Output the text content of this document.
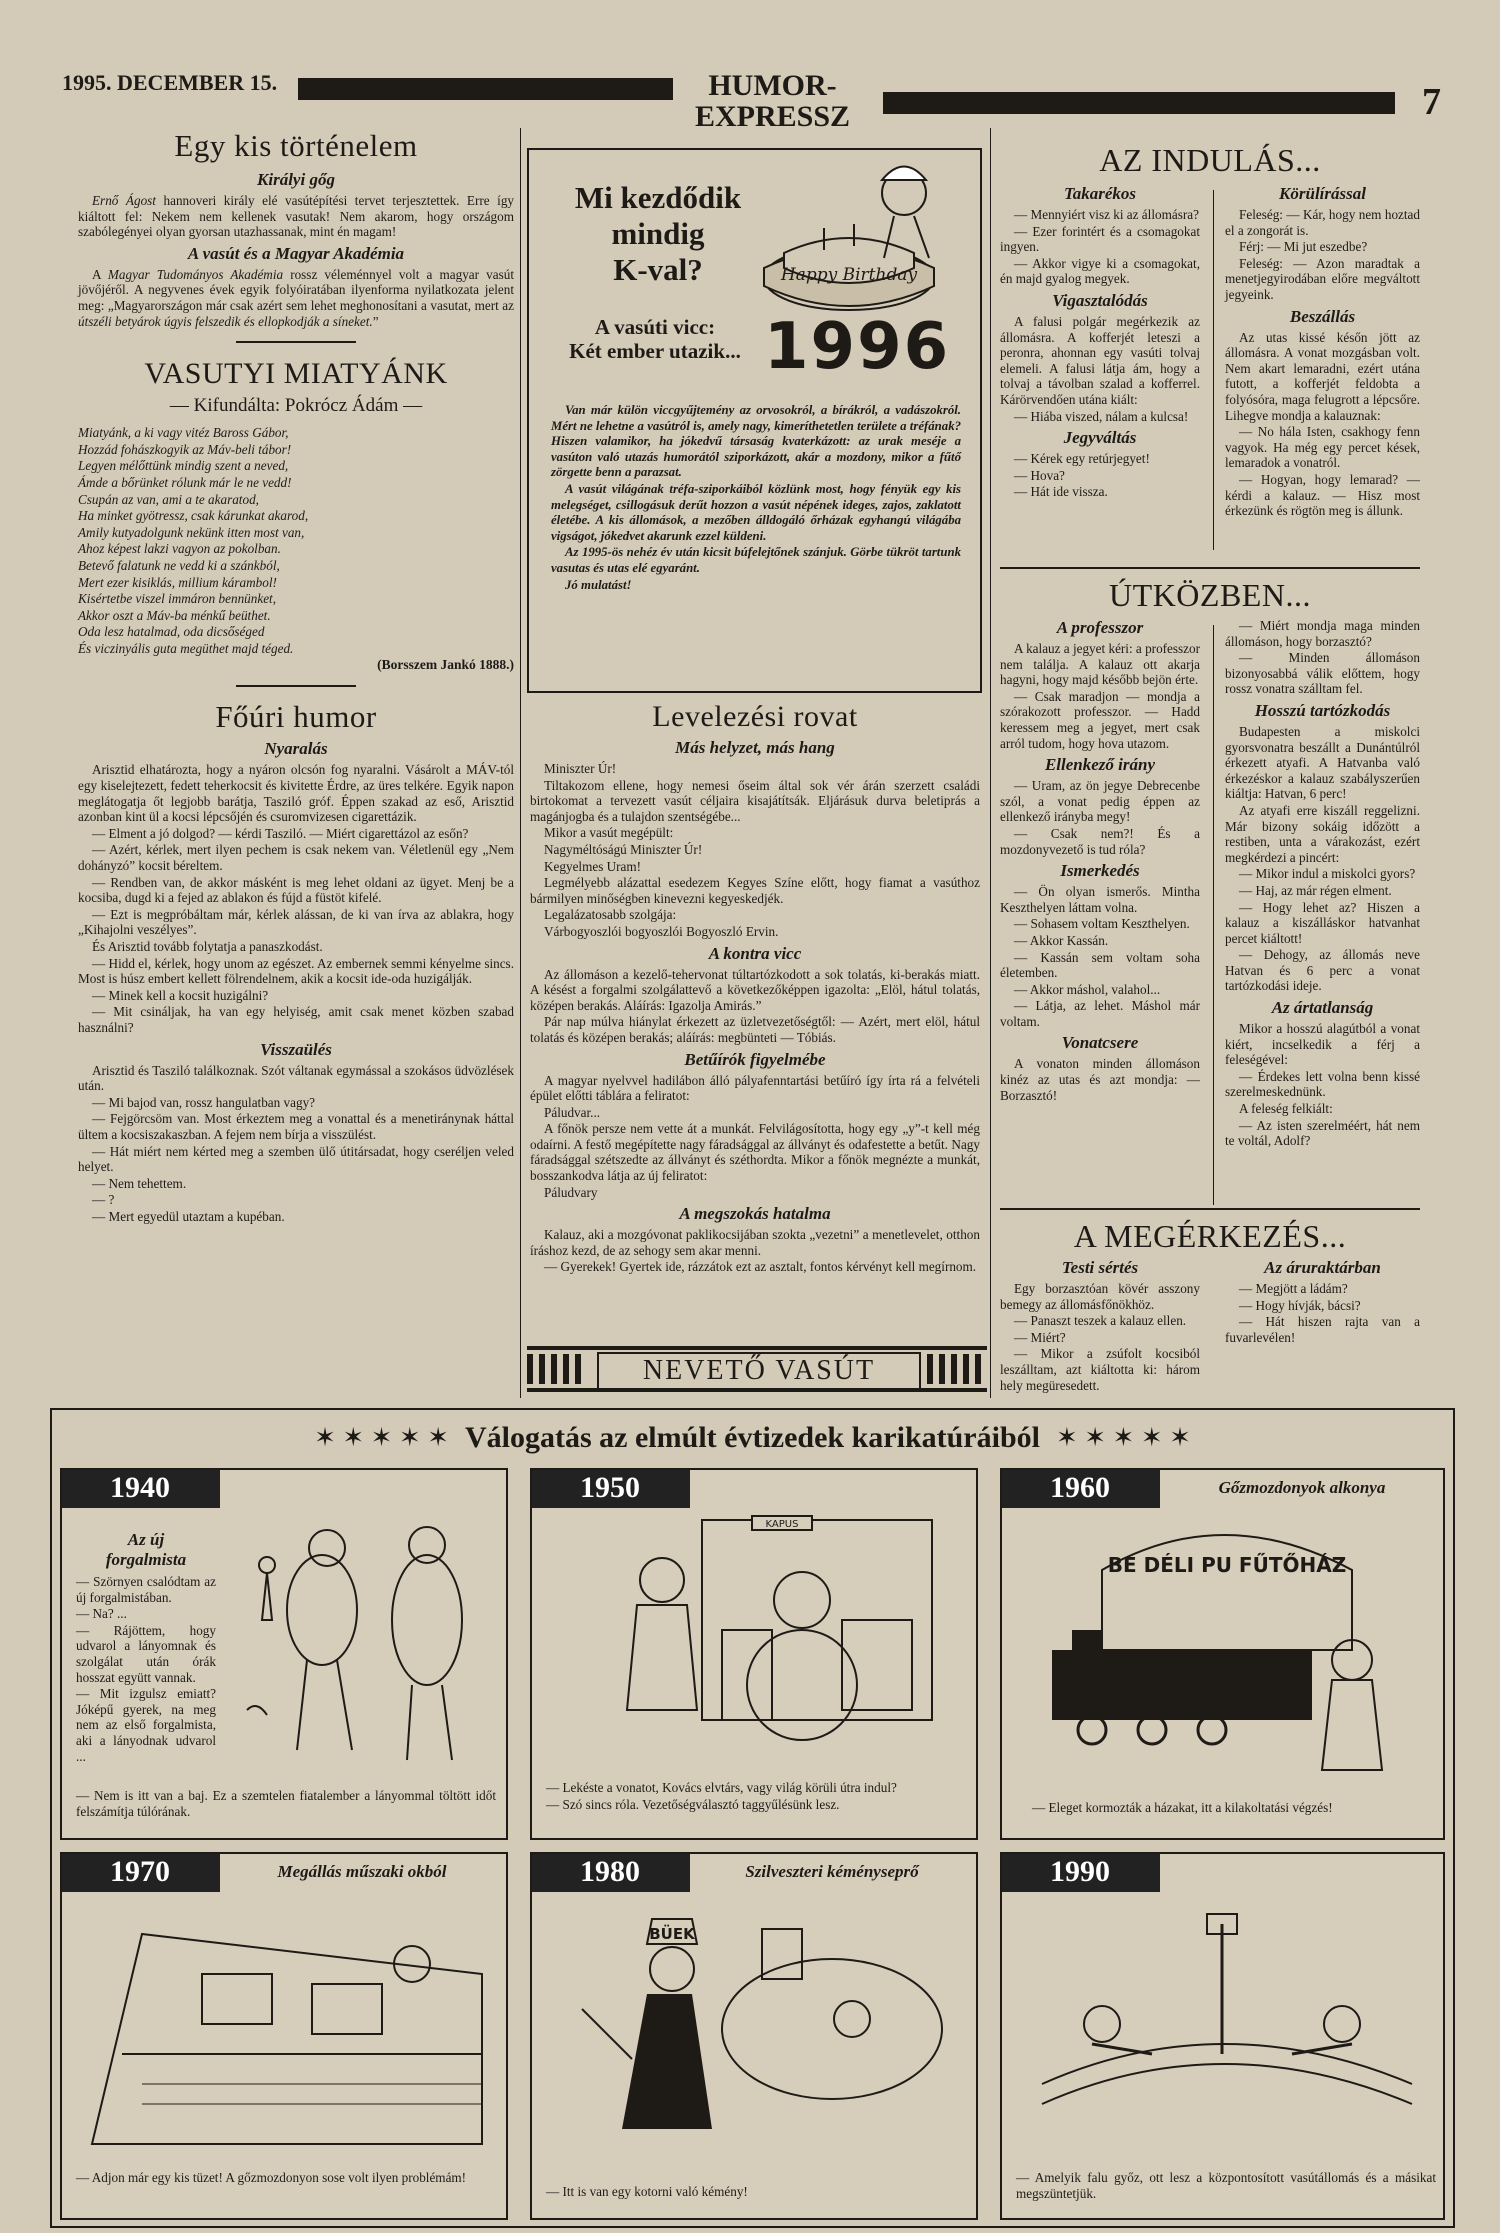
1995. DECEMBER 15.	HUMOR-
EXPRESSZ	7
Egy kis történelem
Királyi gőg

Ernő Ágost hannoveri király elé vasútépítési tervet terjesztettek. Erre így kiáltott fel: Nekem nem kellenek vasutak! Nem akarom, hogy országom szabólegényei olyan gyorsan utazhassanak, mint én magam!

A vasút és a Magyar Akadémia

A Magyar Tudományos Akadémia rossz véleménnyel volt a magyar vasút jövőjéről. A negyvenes évek egyik folyóiratában ilyenforma nyilatkozata jelent meg: „Magyarországon már csak azért sem lehet meghonosítani a vasutat, mert az útszéli betyárok úgyis felszedik és ellopkodják a síneket.”

VASUTYI MIATYÁNK
— Kifundálta: Pokrócz Ádám —

Miatyánk, a ki vagy vitéz Baross Gábor,

Hozzád fohászkogyik az Máv-beli tábor!

Legyen mélőttünk mindig szent a neved,

Ámde a bőrünket rólunk már le ne vedd!

Csupán az van, ami a te akaratod,

Ha minket gyötressz, csak kárunkat akarod,

Amily kutyadolgunk nekünk itten most van,

Ahoz képest lakzi vagyon az pokolban.

Betevő falatunk ne vedd ki a szánkból,

Mert ezer kisiklás, millium kárambol!

Kisértetbe viszel immáron bennünket,

Akkor oszt a Máv-ba ménkű beüthet.

Oda lesz hatalmad, oda dicsőséged

És viczinyális guta megüthet majd téged.

(Borsszem Jankó 1888.)
Főúri humor
Nyaralás

Arisztid elhatározta, hogy a nyáron olcsón fog nyaralni. Vásárolt a MÁV-tól egy kiselejtezett, fedett teherkocsit és kivitette Érdre, az üres telkére. Egyik napon meglátogatja őt legjobb barátja, Tasziló gróf. Éppen szakad az eső, Arisztid azonban kint ül a kocsi lépcsőjén és csuromvizesen cigarettázik.

— Elment a jó dolgod? — kérdi Tasziló. — Miért cigarettázol az esőn?

— Azért, kérlek, mert ilyen pechem is csak nekem van. Véletlenül egy „Nem dohányzó” kocsit béreltem.

— Rendben van, de akkor másként is meg lehet oldani az ügyet. Menj be a kocsiba, dugd ki a fejed az ablakon és fújd a füstöt kifelé.

— Ezt is megpróbáltam már, kérlek alássan, de ki van írva az ablakra, hogy „Kihajolni veszélyes”.

És Arisztid tovább folytatja a panaszkodást.

— Hidd el, kérlek, hogy unom az egészet. Az embernek semmi kényelme sincs. Most is húsz embert kellett fölrendelnem, akik a kocsit ide-oda huzigálják.

— Minek kell a kocsit huzigálni?

— Mit csináljak, ha van egy helyiség, amit csak menet közben szabad használni?

Visszaülés

Arisztid és Tasziló találkoznak. Szót váltanak egymással a szokásos üdvözlések után.

— Mi bajod van, rossz hangulatban vagy?

— Fejgörcsöm van. Most érkeztem meg a vonattal és a menetiránynak háttal ültem a kocsiszakaszban. A fejem nem bírja a visszülést.

— Hát miért nem kérted meg a szemben ülő útitársadat, hogy cseréljen veled helyet.

— Nem tehettem.

— ?

— Mert egyedül utaztam a kupéban.

Mi kezdődik
mindig
K-val?	Happy Birthday
A vasúti vicc:
Két ember utazik... 1996

Van már külön viccgyűjtemény az orvosokról, a bírákról, a vadászokról. Mért ne lehetne a vasútról is, amely nagy, kimeríthetetlen területe a tréfának? Hiszen valamikor, ha jókedvű társaság kvaterkázott: az urak meséje a vasúton való utazás humorától sziporkázott, akár a mozdony, mikor a fűtő zörgette benn a parazsat.

A vasút világának tréfa-sziporkáiból közlünk most, hogy fényük egy kis melegséget, csillogásuk derűt hozzon a vasút népének ideges, zajos, zaklatott életébe. A kis állomások, a mezőben álldogáló őrházak egyhangú világába vigságot, jókedvet akarunk ezzel küldeni.

Az 1995-ös nehéz év után kicsit búfelejtőnek szánjuk. Görbe tükröt tartunk vasutas és utas elé egyaránt.

Jó mulatást!

Levelezési rovat
Más helyzet, más hang

Miniszter Úr!

Tiltakozom ellene, hogy nemesi őseim által sok vér árán szerzett családi birtokomat a tervezett vasút céljaira kisajátítsák. Eljárásuk durva beletiprás a magánjogba és a tulajdon szentségébe...

Mikor a vasút megépült:

Nagyméltóságú Miniszter Úr!

Kegyelmes Uram!

Legmélyebb alázattal esedezem Kegyes Színe előtt, hogy fiamat a vasúthoz bármilyen minőségben kinevezni kegyeskedjék.

Legalázatosabb szolgája:

Várbogyoszlói bogyoszlói Bogyoszló Ervin.

A kontra vicc

Az állomáson a kezelő-tehervonat túltartózkodott a sok tolatás, ki-berakás miatt. A késést a forgalmi szolgálattevő a következőképpen igazolta: „Elöl, hátul tolatás, középen berakás. Aláírás: Igazolja Amirás.”

Pár nap múlva hiánylat érkezett az üzletvezetőségtől: — Azért, mert elöl, hátul tolatás és középen berakás; aláírás: megbünteti — Tóbiás.

Betűírók figyelmébe

A magyar nyelvvel hadilábon álló pályafenntartási betűíró így írta rá a felvételi épület előtti táblára a feliratot:

Páludvar...

A főnök persze nem vette át a munkát. Felvilágosította, hogy egy „y”-t kell még odaírni. A festő megépítette nagy fáradsággal az állványt és odafestette a betűt. Nagy fáradsággal szétszedte az állványt és széthordta. Mikor a főnök megnézte a munkát, bosszankodva látja az új feliratot:

Páludvary

A megszokás hatalma

Kalauz, aki a mozgóvonat paklikocsijában szokta „vezetni” a menetlevelet, otthon íráshoz kezd, de az sehogy sem akar menni.

— Gyerekek! Gyertek ide, rázzátok ezt az asztalt, fontos kérvényt kell megírnom.

NEVETŐ VASÚT
AZ INDULÁS...
Takarékos

— Mennyiért visz ki az állomásra?

— Ezer forintért és a csomagokat ingyen.

— Akkor vigye ki a csomagokat, én majd gyalog megyek.

Vigasztalódás

A falusi polgár megérkezik az állomásra. A kofferjét leteszi a peronra, ahonnan egy vasúti tolvaj elemeli. A falusi látja ám, hogy a tolvaj a távolban szalad a kofferrel. Kárörvendően utána kiált:

— Hiába viszed, nálam a kulcsa!

Jegyváltás

— Kérek egy retúrjegyet!

— Hova?

— Hát ide vissza.

Körülírással

Feleség: — Kár, hogy nem hoztad el a zongorát is.

Férj: — Mi jut eszedbe?

Feleség: — Azon maradtak a menetjegyirodában előre megváltott jegyeink.

Beszállás

Az utas kissé későn jött az állomásra. A vonat mozgásban volt. Nem akart lemaradni, ezért utána futott, a kofferjét feldobta a folyósóra, maga felugrott a lépcsőre. Lihegve mondja a kalauznak:

— No hála Isten, csakhogy fenn vagyok. Ha még egy percet kések, lemaradok a vonatról.

— Hogyan, hogy lemarad? — kérdi a kalauz. — Hisz most érkezünk és rögtön meg is állunk.

ÚTKÖZBEN...
A professzor

A kalauz a jegyet kéri: a professzor nem találja. A kalauz ott akarja hagyni, hogy majd később bejön érte.

— Csak maradjon — mondja a szórakozott professzor. — Hadd keressem meg a jegyet, mert csak arról tudom, hogy hova utazom.

Ellenkező irány

— Uram, az ön jegye Debrecenbe szól, a vonat pedig éppen az ellenkező irányba megy!

— Csak nem?! És a mozdonyvezető is tud róla?

Ismerkedés

— Ön olyan ismerős. Mintha Keszthelyen láttam volna.

— Sohasem voltam Keszthelyen.

— Akkor Kassán.

— Kassán sem voltam soha életemben.

— Akkor máshol, valahol...

— Látja, az lehet. Máshol már voltam.

Vonatcsere

A vonaton minden állomáson kinéz az utas és azt mondja: — Borzasztó!

— Miért mondja maga minden állomáson, hogy borzasztó?

— Minden állomáson bizonyosabbá válik előttem, hogy rossz vonatra szálltam fel.

Hosszú tartózkodás

Budapesten a miskolci gyorsvonatra beszállt a Dunántúlról érkezett atyafi. A Hatvanba való érkezéskor a kalauz szabályszerűen kiáltja: Hatvan, 6 perc!

Az atyafi erre kiszáll reggelizni. Már bizony sokáig időzött a restiben, unta a várakozást, ezért megkérdezi a pincért:

— Mikor indul a miskolci gyors?

— Haj, az már régen elment.

— Hogy lehet az? Hiszen a kalauz a kiszálláskor hatvanhat percet kiáltott!

— Dehogy, az állomás neve Hatvan és 6 perc a vonat tartózkodási ideje.

Az ártatlanság

Mikor a hosszú alagútból a vonat kiért, incselkedik a férj a feleségével:

— Érdekes lett volna benn kissé szerelmeskednünk.

A feleség felkiált:

— Az isten szerelméért, hát nem te voltál, Adolf?

A MEGÉRKEZÉS...
Testi sértés

Egy borzasztóan kövér asszony bemegy az állomásfőnökhöz.

— Panaszt teszek a kalauz ellen.

— Miért?

— Mikor a zsúfolt kocsiból leszálltam, azt kiáltotta ki: három hely megüresedett.

Az áruraktárban

— Megjött a ládám?

— Hogy hívják, bácsi?

— Hát hiszen rajta van a fuvarlevélen!

✶ ✶ ✶ ✶ ✶ Válogatás az elmúlt évtizedek karikatúráiból ✶ ✶ ✶ ✶ ✶
1940
Az új
forgalmista

— Szörnyen csalódtam az új forgalmistában.

— Na? ...

— Rájöttem, hogy udvarol a lányomnak és szolgálat után órák hosszat együtt vannak.

— Mit izgulsz emiatt? Jóképű gyerek, na meg nem az első forgalmista, aki a lányodnak udvarol ...

— Nem is itt van a baj. Ez a szemtelen fiatalember a lányommal töltött időt felszámítja túlórának.

1950
KAPUS

— Lekéste a vonatot, Kovács elvtárs, vagy világ körüli útra indul?

— Szó sincs róla. Vezetőségválasztó taggyűlésünk lesz.

1960	Gőzmozdonyok alkonya
BE DÉLI PU FŰTŐHÁZ

— Eleget kormozták a házakat, itt a kilakoltatási végzés!

1970	Megállás műszaki okból

— Adjon már egy kis tüzet! A gőzmozdonyon sose volt ilyen problémám!

1980	Szilveszteri kéményseprő
BÜEK

— Itt is van egy kotorni való kémény!

1990

— Amelyik falu győz, ott lesz a központosított vasútállomás és a másikat megszüntetjük.
